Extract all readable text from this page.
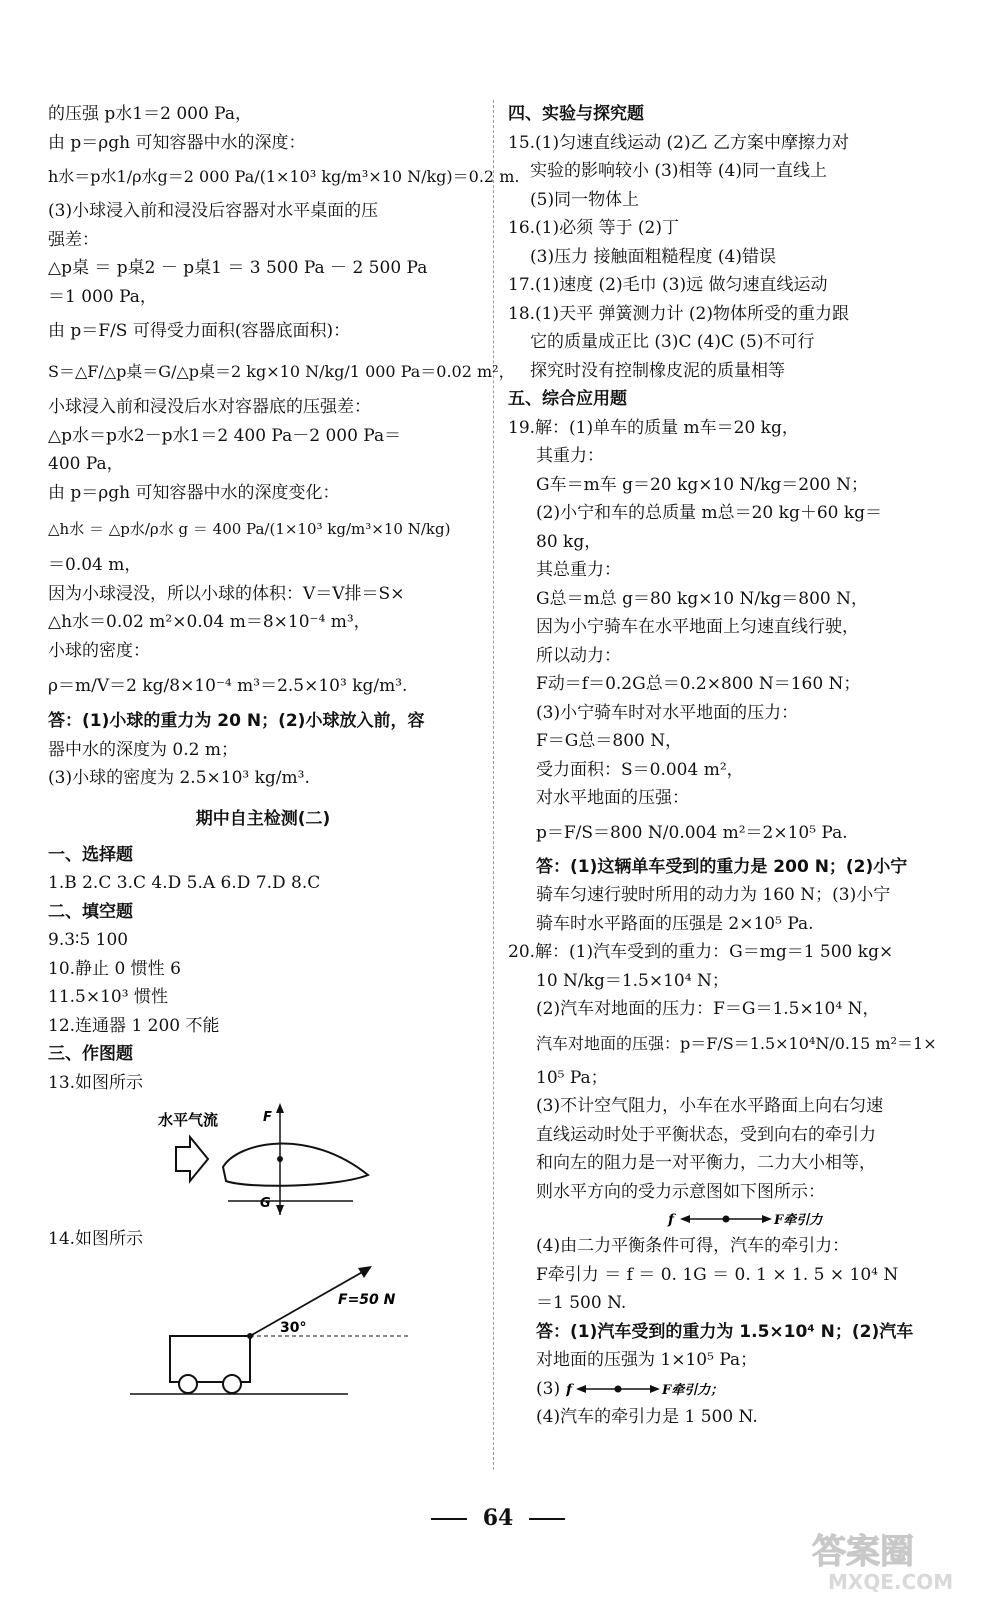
的压强 p水1＝2 000 Pa，
由 p＝ρgh 可知容器中水的深度：
h水＝p水1/ρ水g＝2 000 Pa/(1×10³ kg/m³×10 N/kg)＝0.2 m.
(3)小球浸入前和浸没后容器对水平桌面的压
强差：
△p桌 ＝ p桌2 － p桌1 ＝ 3 500 Pa － 2 500 Pa
＝1 000 Pa，
由 p＝F/S 可得受力面积(容器底面积)：
S＝△F/△p桌＝G/△p桌＝2 kg×10 N/kg/1 000 Pa＝0.02 m²，
小球浸入前和浸没后水对容器底的压强差：
△p水＝p水2－p水1＝2 400 Pa－2 000 Pa＝
400 Pa，
由 p＝ρgh 可知容器中水的深度变化：
△h水 ＝ △p水/ρ水 g ＝ 400 Pa/(1×10³ kg/m³×10 N/kg)
＝0.04 m，
因为小球浸没，所以小球的体积：V＝V排＝S×
△h水＝0.02 m²×0.04 m＝8×10⁻⁴ m³，
小球的密度：
ρ＝m/V＝2 kg/8×10⁻⁴ m³＝2.5×10³ kg/m³.
答：(1)小球的重力为 20 N；(2)小球放入前，容
器中水的深度为 0.2 m；
(3)小球的密度为 2.5×10³ kg/m³.
期中自主检测(二)
一、选择题
1.B 2.C 3.C 4.D 5.A 6.D 7.D 8.C
二、填空题
9.3∶5 100
10.静止 0 惯性 6
11.5×10³ 惯性
12.连通器 1 200 不能
三、作图题
13.如图所示
水平气流	F
G
14.如图所示
F=50 N
30°
四、实验与探究题
15.(1)匀速直线运动 (2)乙 乙方案中摩擦力对
实验的影响较小 (3)相等 (4)同一直线上
(5)同一物体上
16.(1)必须 等于 (2)丁
(3)压力 接触面粗糙程度 (4)错误
17.(1)速度 (2)毛巾 (3)远 做匀速直线运动
18.(1)天平 弹簧测力计 (2)物体所受的重力跟
它的质量成正比 (3)C (4)C (5)不可行
探究时没有控制橡皮泥的质量相等
五、综合应用题
19.解：(1)单车的质量 m车＝20 kg，
其重力：
G车＝m车 g＝20 kg×10 N/kg＝200 N；
(2)小宁和车的总质量 m总＝20 kg＋60 kg＝
80 kg，
其总重力：
G总＝m总 g＝80 kg×10 N/kg＝800 N，
因为小宁骑车在水平地面上匀速直线行驶，
所以动力：
F动＝f＝0.2G总＝0.2×800 N＝160 N；
(3)小宁骑车时对水平地面的压力：
F＝G总＝800 N，
受力面积：S＝0.004 m²，
对水平地面的压强：
p＝F/S＝800 N/0.004 m²＝2×10⁵ Pa.
答：(1)这辆单车受到的重力是 200 N；(2)小宁
骑车匀速行驶时所用的动力为 160 N；(3)小宁
骑车时水平路面的压强是 2×10⁵ Pa.
20.解：(1)汽车受到的重力：G＝mg＝1 500 kg×
10 N/kg＝1.5×10⁴ N；
(2)汽车对地面的压力：F＝G＝1.5×10⁴ N，
汽车对地面的压强：p＝F/S＝1.5×10⁴N/0.15 m²＝1×
10⁵ Pa；
(3)不计空气阻力，小车在水平路面上向右匀速
直线运动时处于平衡状态，受到向右的牵引力
和向左的阻力是一对平衡力，二力大小相等，
则水平方向的受力示意图如下图所示：
f	F牵引力
(4)由二力平衡条件可得，汽车的牵引力：
F牵引力 ＝ f ＝ 0. 1G ＝ 0. 1 × 1. 5 × 10⁴ N
＝1 500 N.
答：(1)汽车受到的重力为 1.5×10⁴ N；(2)汽车
对地面的压强为 1×10⁵ Pa；
(3) f	F牵引力；
(4)汽车的牵引力是 1 500 N.
64
答案圈
MXQE.COM
